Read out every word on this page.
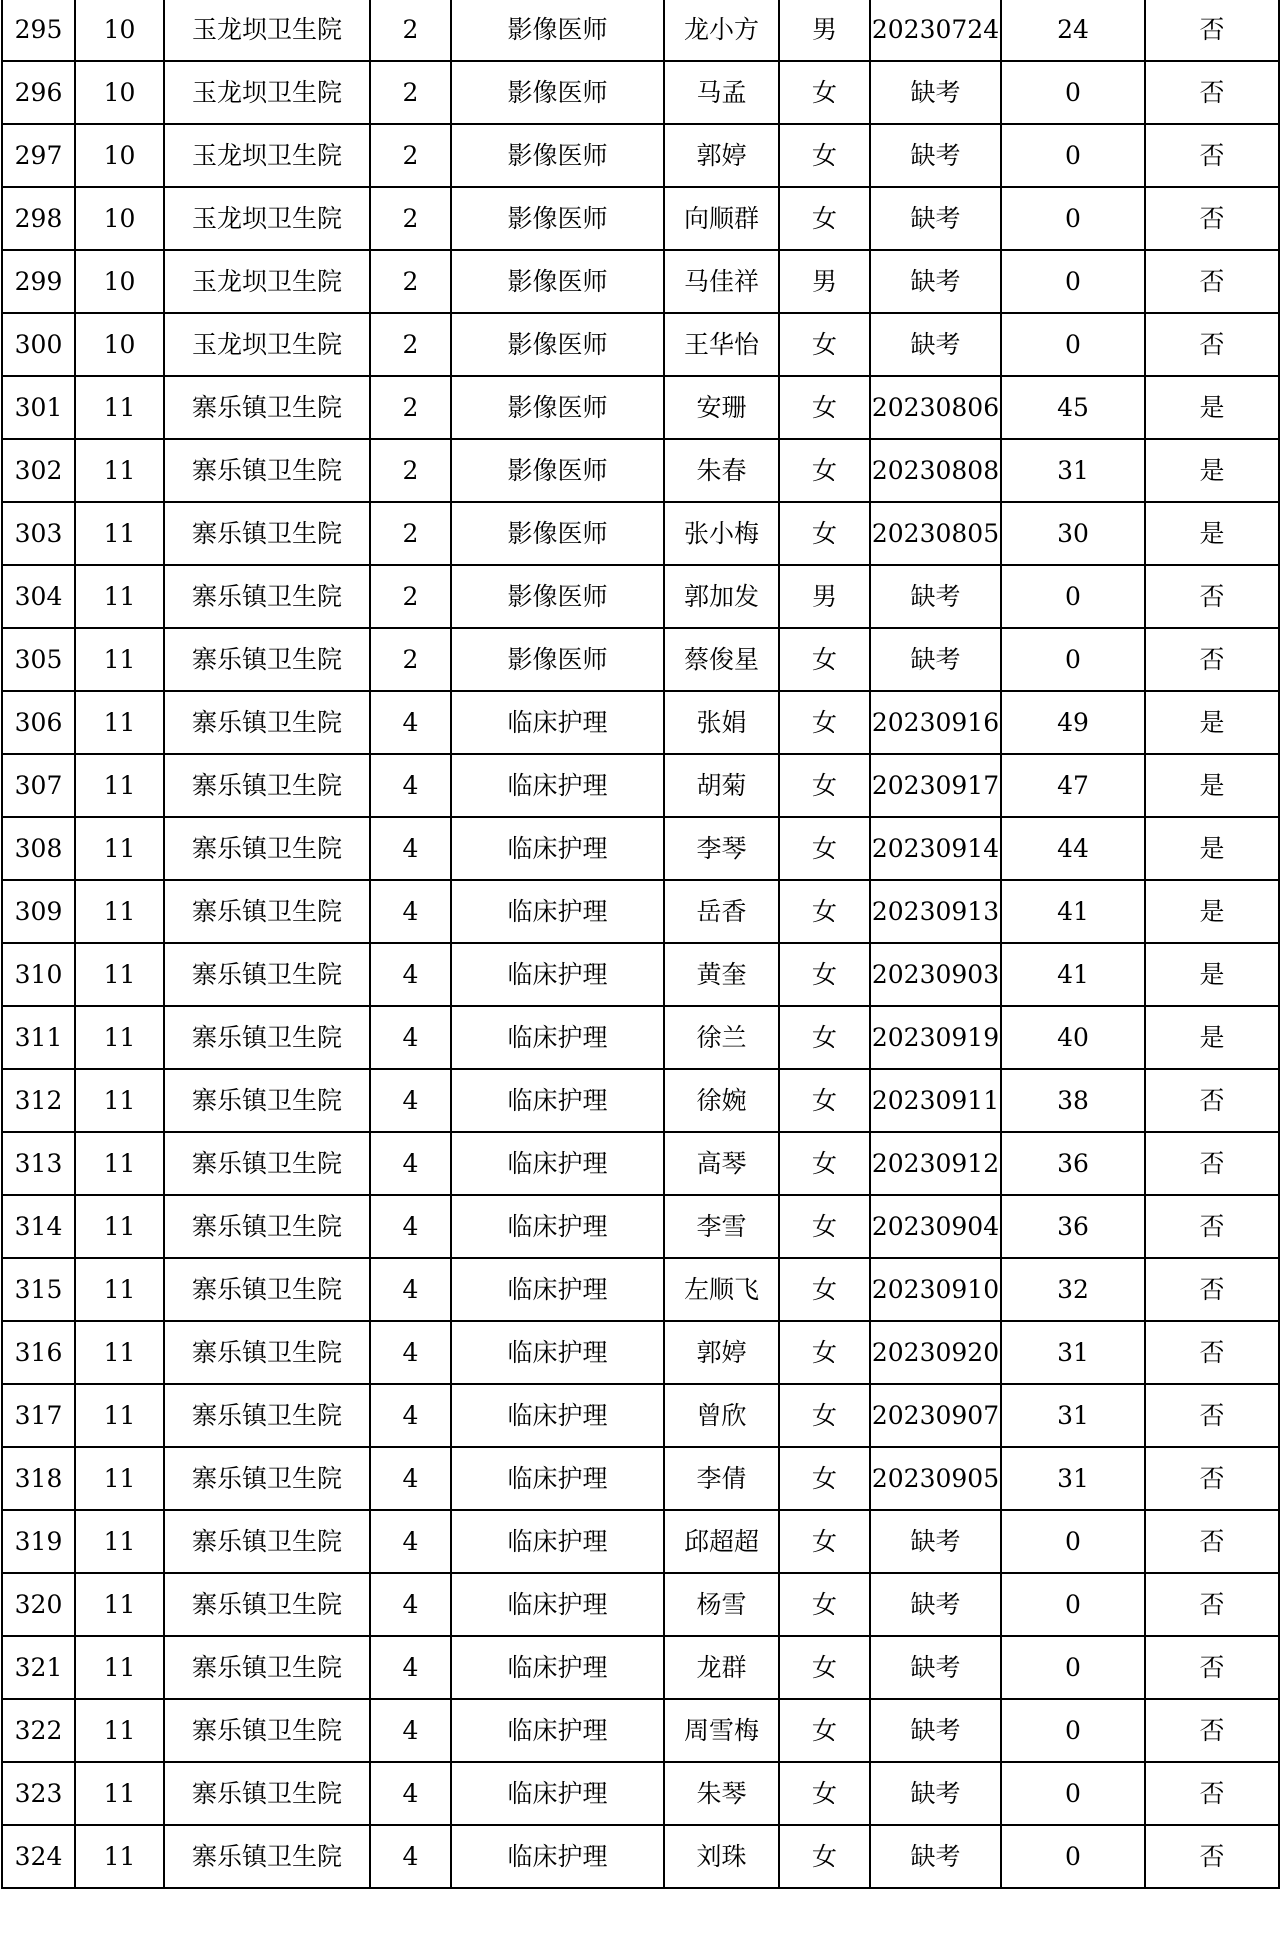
295	10	玉龙坝卫生院	2	影像医师	龙小方	男	20230724	24	否
296	10	玉龙坝卫生院	2	影像医师	马孟	女	缺考	0	否
297	10	玉龙坝卫生院	2	影像医师	郭婷	女	缺考	0	否
298	10	玉龙坝卫生院	2	影像医师	向顺群	女	缺考	0	否
299	10	玉龙坝卫生院	2	影像医师	马佳祥	男	缺考	0	否
300	10	玉龙坝卫生院	2	影像医师	王华怡	女	缺考	0	否
301	11	寨乐镇卫生院	2	影像医师	安珊	女	20230806	45	是
302	11	寨乐镇卫生院	2	影像医师	朱春	女	20230808	31	是
303	11	寨乐镇卫生院	2	影像医师	张小梅	女	20230805	30	是
304	11	寨乐镇卫生院	2	影像医师	郭加发	男	缺考	0	否
305	11	寨乐镇卫生院	2	影像医师	蔡俊星	女	缺考	0	否
306	11	寨乐镇卫生院	4	临床护理	张娟	女	20230916	49	是
307	11	寨乐镇卫生院	4	临床护理	胡菊	女	20230917	47	是
308	11	寨乐镇卫生院	4	临床护理	李琴	女	20230914	44	是
309	11	寨乐镇卫生院	4	临床护理	岳香	女	20230913	41	是
310	11	寨乐镇卫生院	4	临床护理	黄奎	女	20230903	41	是
311	11	寨乐镇卫生院	4	临床护理	徐兰	女	20230919	40	是
312	11	寨乐镇卫生院	4	临床护理	徐婉	女	20230911	38	否
313	11	寨乐镇卫生院	4	临床护理	高琴	女	20230912	36	否
314	11	寨乐镇卫生院	4	临床护理	李雪	女	20230904	36	否
315	11	寨乐镇卫生院	4	临床护理	左顺飞	女	20230910	32	否
316	11	寨乐镇卫生院	4	临床护理	郭婷	女	20230920	31	否
317	11	寨乐镇卫生院	4	临床护理	曾欣	女	20230907	31	否
318	11	寨乐镇卫生院	4	临床护理	李倩	女	20230905	31	否
319	11	寨乐镇卫生院	4	临床护理	邱超超	女	缺考	0	否
320	11	寨乐镇卫生院	4	临床护理	杨雪	女	缺考	0	否
321	11	寨乐镇卫生院	4	临床护理	龙群	女	缺考	0	否
322	11	寨乐镇卫生院	4	临床护理	周雪梅	女	缺考	0	否
323	11	寨乐镇卫生院	4	临床护理	朱琴	女	缺考	0	否
324	11	寨乐镇卫生院	4	临床护理	刘珠	女	缺考	0	否
